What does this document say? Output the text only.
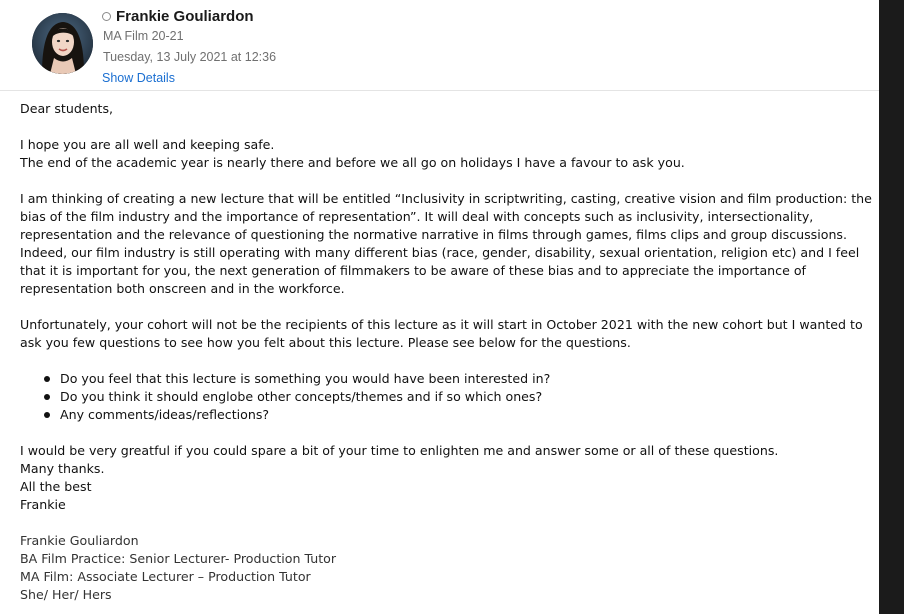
Frankie Gouliardon
MA Film 20-21
Tuesday, 13 July 2021 at 12:36
Show Details

Dear students,

I hope you are all well and keeping safe.

The end of the academic year is nearly there and before we all go on holidays I have a favour to ask you.

I am thinking of creating a new lecture that will be entitled “Inclusivity in scriptwriting, casting, creative vision and film production: the bias of the film industry and the importance of representation”. It will deal with concepts such as inclusivity, intersectionality, representation and the relevance of questioning the normative narrative in films through games, films clips and group discussions. Indeed, our film industry is still operating with many different bias (race, gender, disability, sexual orientation, religion etc) and I feel that it is important for you, the next generation of filmmakers to be aware of these bias and to appreciate the importance of representation both onscreen and in the workforce.

Unfortunately, your cohort will not be the recipients of this lecture as it will start in October 2021 with the new cohort but I wanted to ask you few questions to see how you felt about this lecture. Please see below for the questions.

Do you feel that this lecture is something you would have been interested in?
Do you think it should englobe other concepts/themes and if so which ones?
Any comments/ideas/reflections?

I would be very greatful if you could spare a bit of your time to enlighten me and answer some or all of these questions.

Many thanks.

All the best

Frankie

Frankie Gouliardon

BA Film Practice: Senior Lecturer- Production Tutor

MA Film: Associate Lecturer – Production Tutor

She/ Her/ Hers
